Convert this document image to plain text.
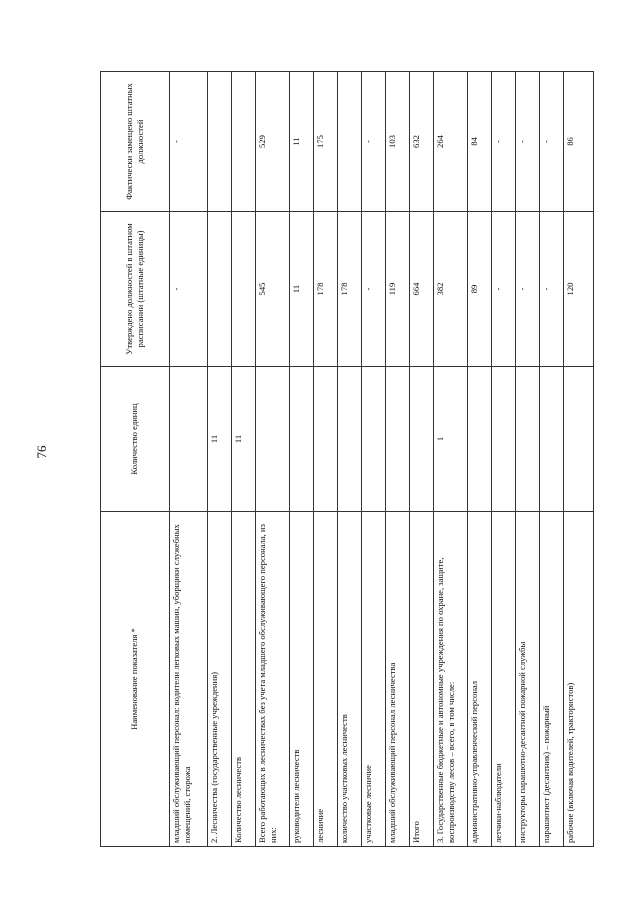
76
Наименование показателя *	Количество единиц	Утверждено должностей в штатном расписании (штатные единицы)	Фактически замещено штатных должностей
младший обслуживающий персонал: водители легковых машин, уборщики служебных помещений, сторожа		-	-
2. Лесничества (государственные учреждения)	11		
Количество лесничеств	11		
Всего работающих в лесничествах без учета младшего обслуживающего персонала, из них:		545	529
руководители лесничеств		11	11
лесничие		178	175
количество участковых лесничеств		178	
участковые лесничие		-	-
младший обслуживающий персонал лесничества		119	103
Итого		664	632
3. Государственные бюджетные и автономные учреждения по охране, защите, воспроизводству лесов – всего, в том числе:	1	382	264
административно-управленческий персонал		89	84
летчики-наблюдатели		-	-
инструкторы парашютно-десантной пожарной службы		-	-
парашютист (десантник) – пожарный		-	-
рабочие (включая водителей, трактористов)		120	86
